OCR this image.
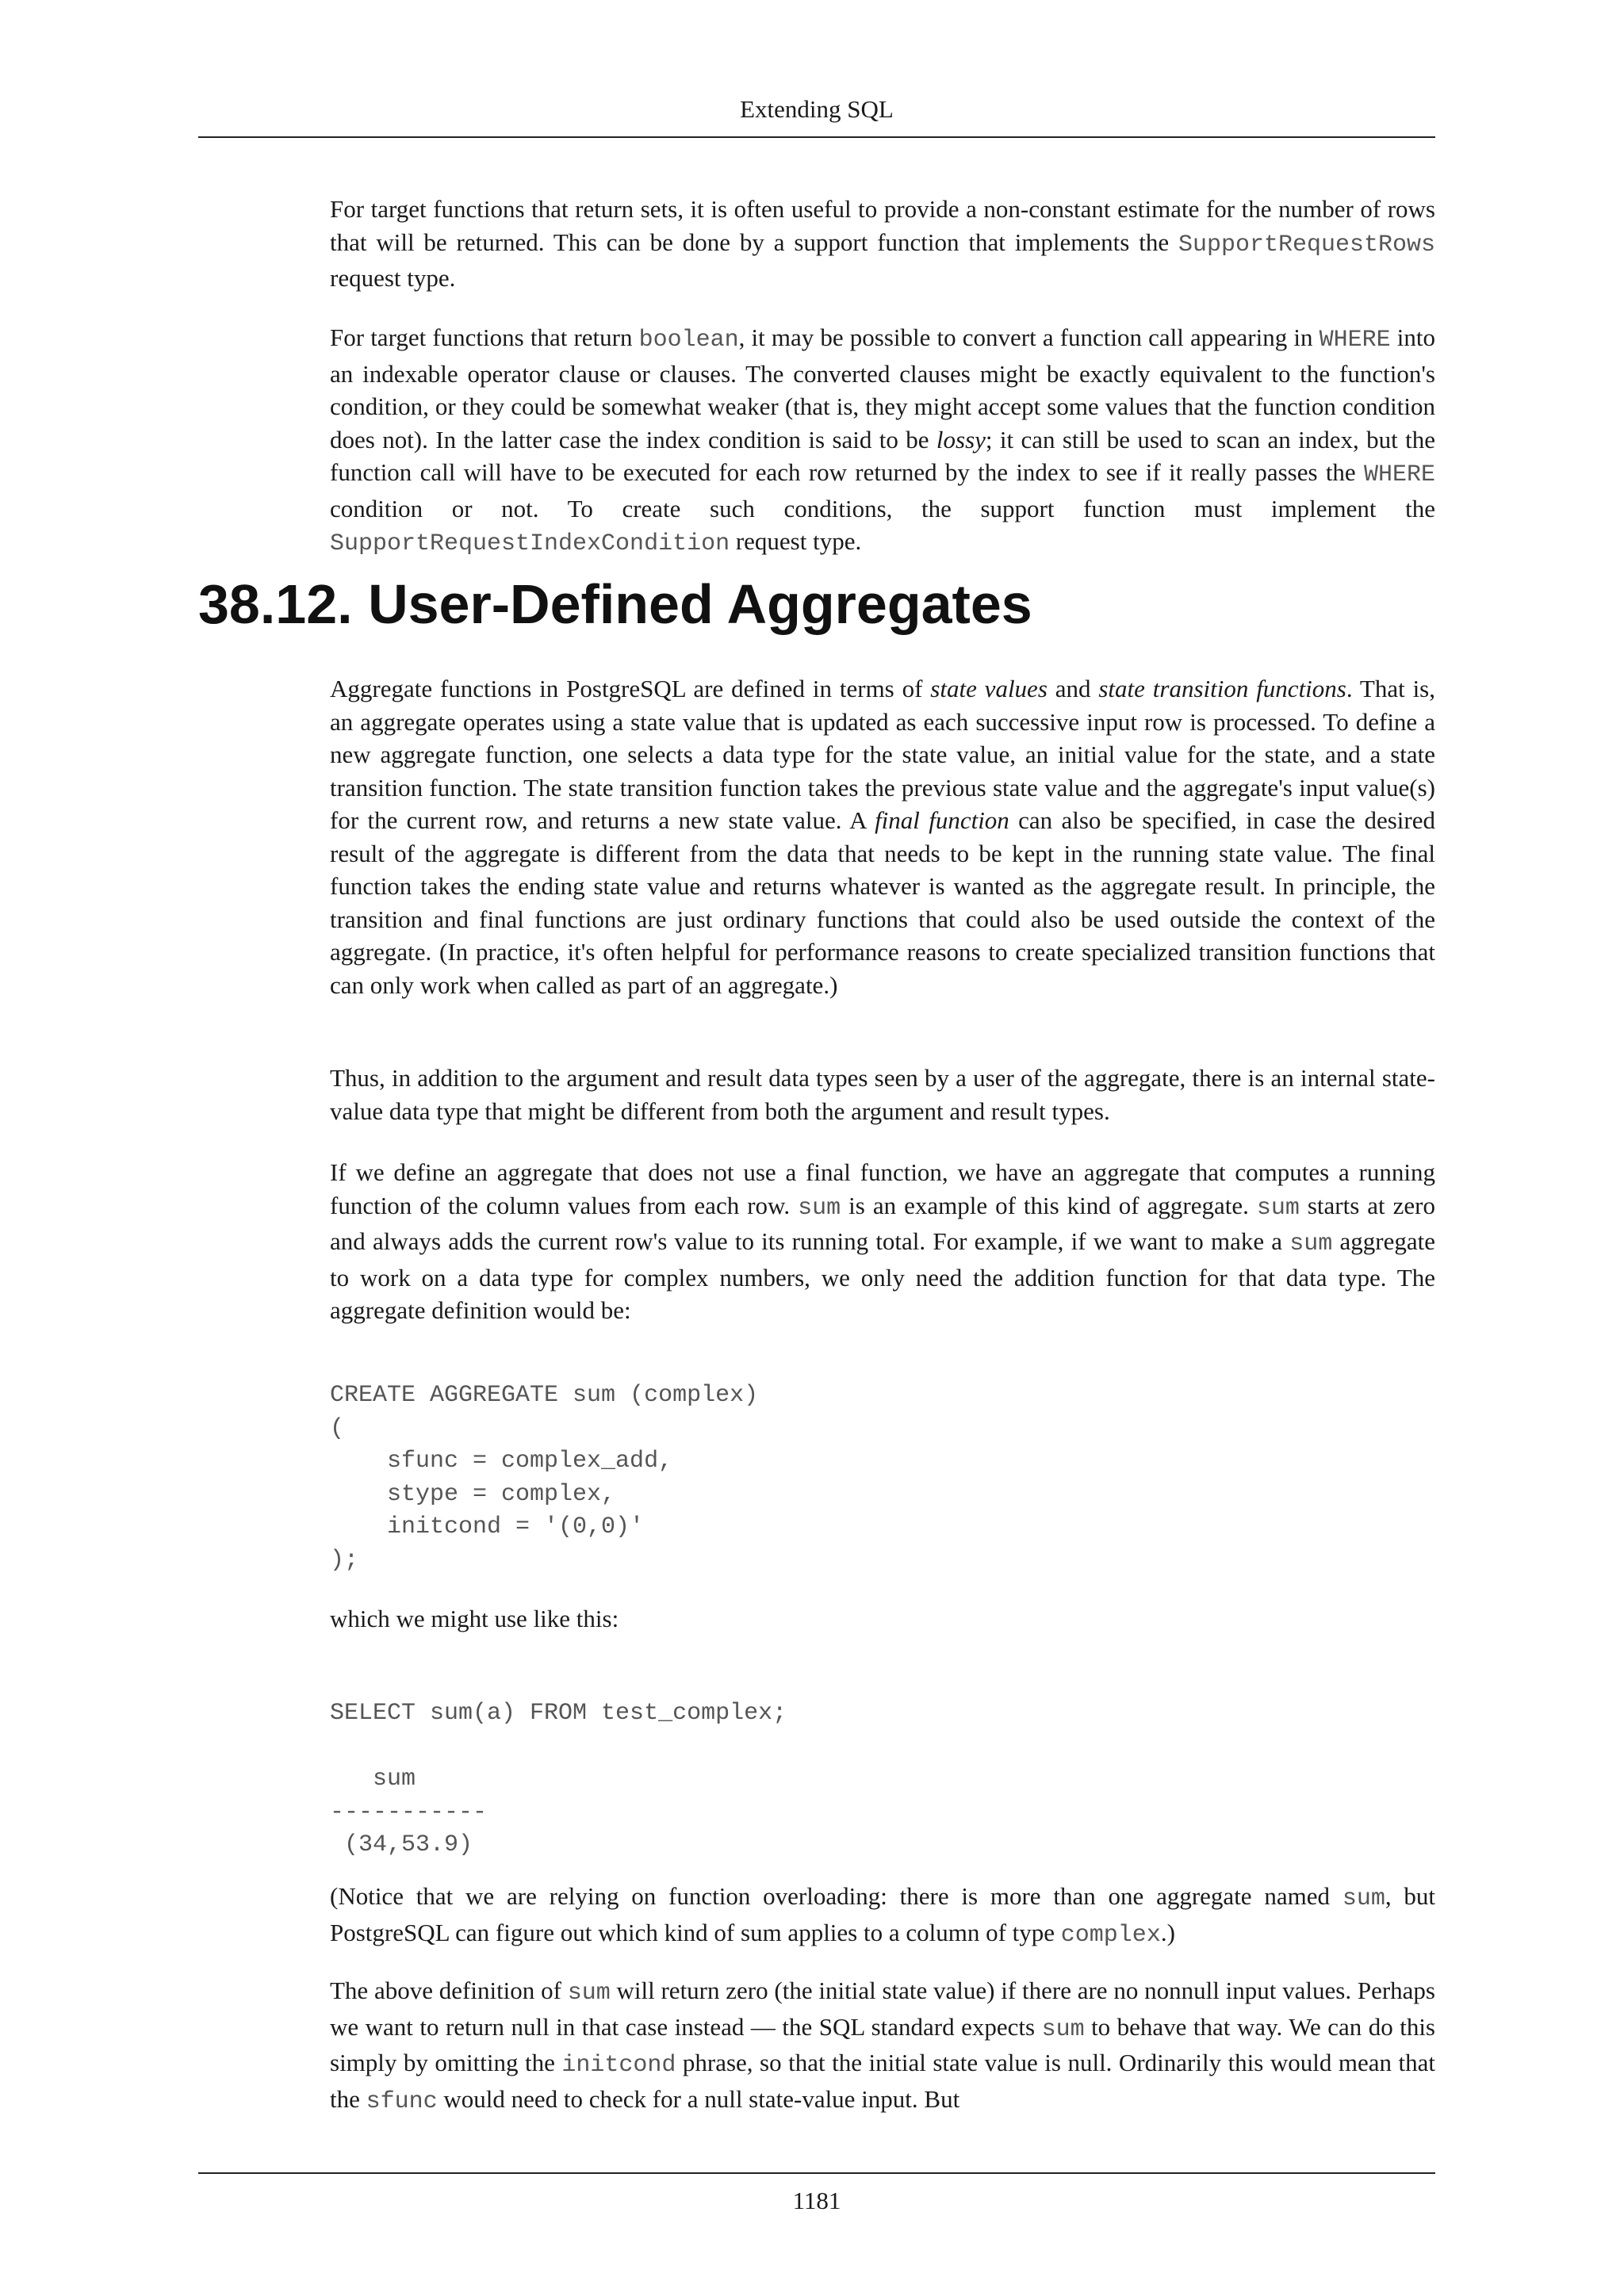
Extending SQL

For target functions that return sets, it is often useful to provide a non-constant estimate for the number of rows that will be returned. This can be done by a support function that implements the SupportRequestRows request type.

For target functions that return boolean, it may be possible to convert a function call appearing in WHERE into an indexable operator clause or clauses. The converted clauses might be exactly equivalent to the function's condition, or they could be somewhat weaker (that is, they might accept some values that the function condition does not). In the latter case the index condition is said to be lossy; it can still be used to scan an index, but the function call will have to be executed for each row returned by the index to see if it really passes the WHERE condition or not. To create such conditions, the support function must implement the SupportRequestIndexCondition request type.

38.12. User-Defined Aggregates

Aggregate functions in PostgreSQL are defined in terms of state values and state transition functions. That is, an aggregate operates using a state value that is updated as each successive input row is processed. To define a new aggregate function, one selects a data type for the state value, an initial value for the state, and a state transition function. The state transition function takes the previous state value and the aggregate's input value(s) for the current row, and returns a new state value. A final function can also be specified, in case the desired result of the aggregate is different from the data that needs to be kept in the running state value. The final function takes the ending state value and returns whatever is wanted as the aggregate result. In principle, the transition and final functions are just ordinary functions that could also be used outside the context of the aggregate. (In practice, it's often helpful for performance reasons to create specialized transition functions that can only work when called as part of an aggregate.)

Thus, in addition to the argument and result data types seen by a user of the aggregate, there is an internal state-value data type that might be different from both the argument and result types.

If we define an aggregate that does not use a final function, we have an aggregate that computes a running function of the column values from each row. sum is an example of this kind of aggregate. sum starts at zero and always adds the current row's value to its running total. For example, if we want to make a sum aggregate to work on a data type for complex numbers, we only need the addition function for that data type. The aggregate definition would be:

CREATE AGGREGATE sum (complex)
(
sfunc = complex_add,
stype = complex,
initcond = '(0,0)'
);

which we might use like this:

SELECT sum(a) FROM test_complex;

sum
-----------
(34,53.9)

(Notice that we are relying on function overloading: there is more than one aggregate named sum, but PostgreSQL can figure out which kind of sum applies to a column of type complex.)

The above definition of sum will return zero (the initial state value) if there are no nonnull input values. Perhaps we want to return null in that case instead — the SQL standard expects sum to behave that way. We can do this simply by omitting the initcond phrase, so that the initial state value is null. Ordinarily this would mean that the sfunc would need to check for a null state-value input. But

1181
